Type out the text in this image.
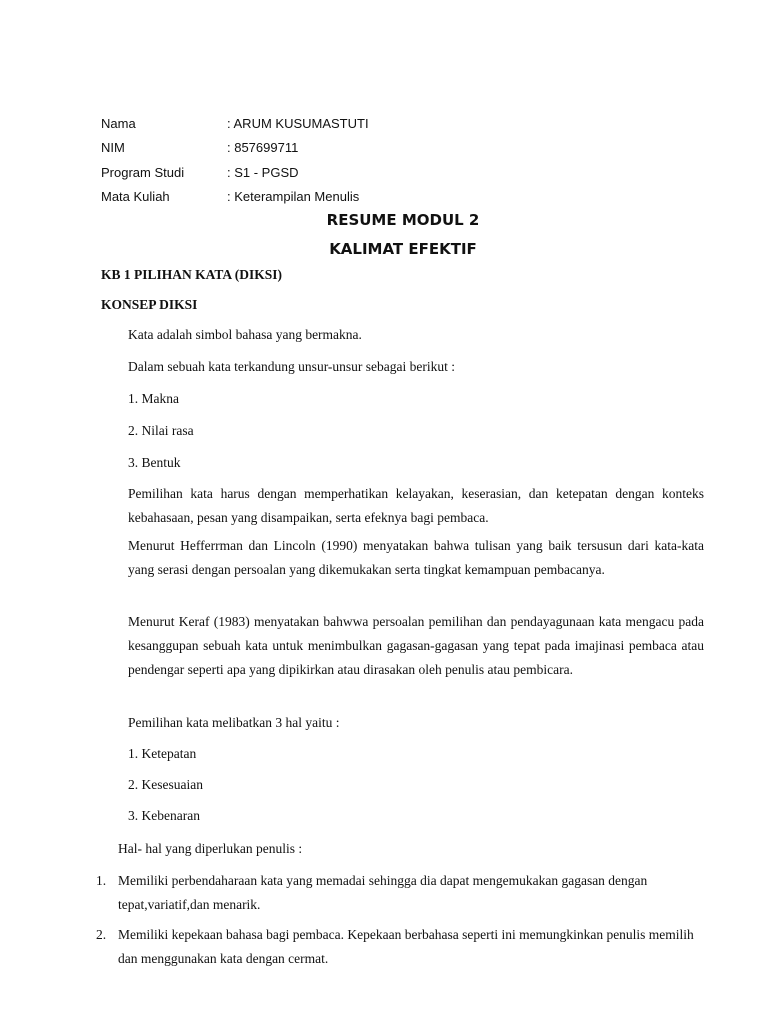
Nama	: ARUM KUSUMASTUTI
NIM	: 857699711
Program Studi	: S1 - PGSD
Mata Kuliah	: Keterampilan Menulis
RESUME MODUL 2
KALIMAT EFEKTIF
KB 1 PILIHAN KATA (DIKSI)
KONSEP DIKSI
Kata adalah simbol bahasa yang bermakna.
Dalam sebuah kata terkandung unsur-unsur sebagai berikut :
1. Makna
2. Nilai rasa
3. Bentuk
Pemilihan kata harus dengan memperhatikan kelayakan, keserasian, dan ketepatan dengan konteks kebahasaan, pesan yang disampaikan, serta efeknya bagi pembaca.
Menurut Hefferrman dan Lincoln (1990) menyatakan bahwa tulisan yang baik tersusun dari kata-kata yang serasi dengan persoalan yang dikemukakan serta tingkat kemampuan pembacanya.
Menurut Keraf (1983) menyatakan bahwwa persoalan pemilihan dan pendayagunaan kata mengacu pada kesanggupan sebuah kata untuk menimbulkan gagasan-gagasan yang tepat pada imajinasi pembaca atau pendengar seperti apa yang dipikirkan atau dirasakan oleh penulis atau pembicara.
Pemilihan kata melibatkan 3 hal yaitu :
1. Ketepatan
2. Kesesuaian
3. Kebenaran
Hal- hal yang diperlukan penulis :
1. Memiliki perbendaharaan kata yang memadai sehingga dia dapat mengemukakan gagasan dengan tepat,variatif,dan menarik.
2. Memiliki kepekaan bahasa bagi pembaca. Kepekaan berbahasa seperti ini memungkinkan penulis memilih dan menggunakan kata dengan cermat.
